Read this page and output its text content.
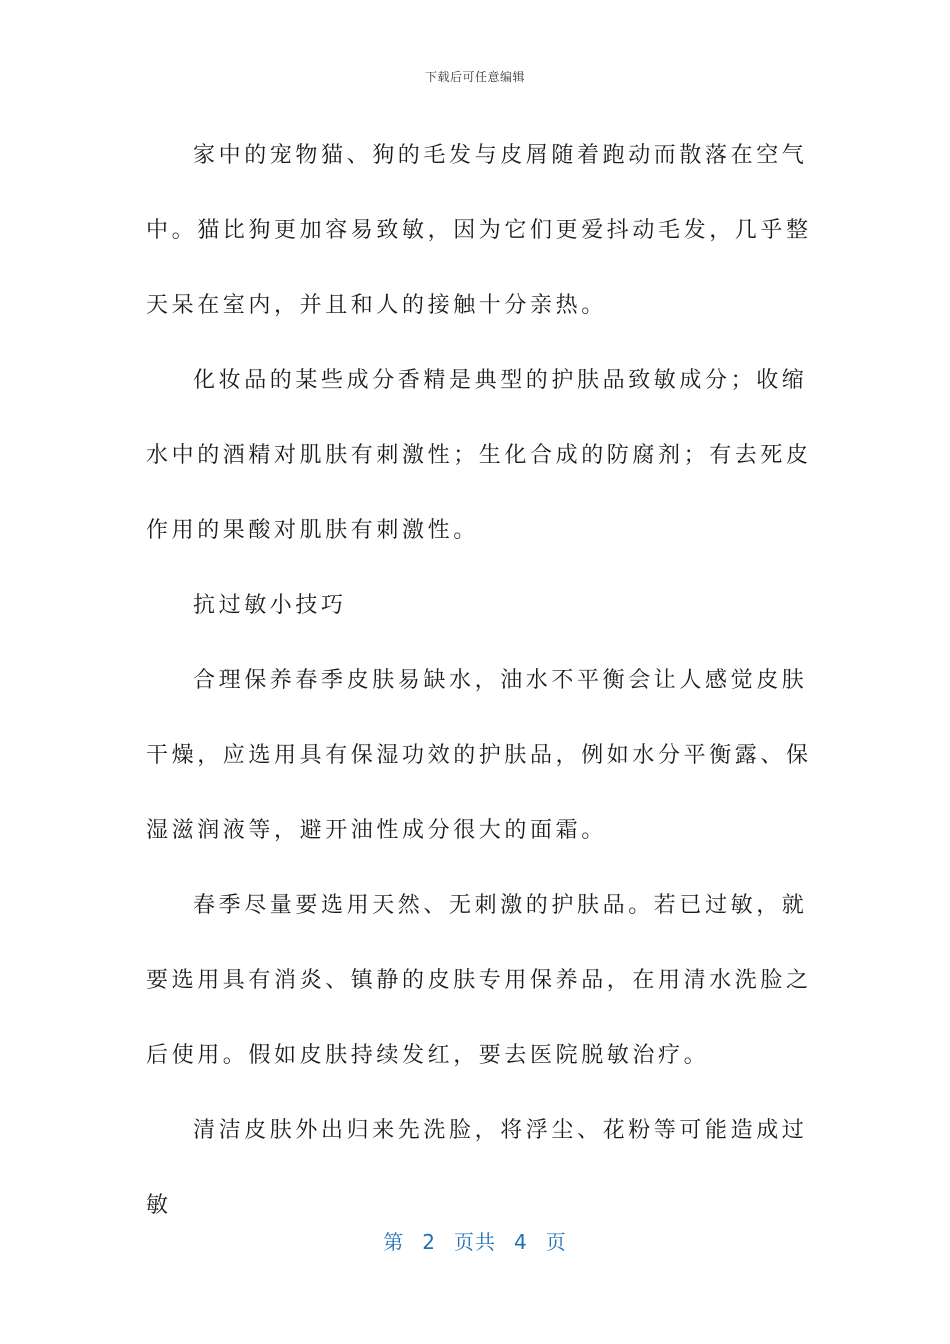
下载后可任意编辑

家中的宠物猫、狗的毛发与皮屑随着跑动而散落在空气中。猫比狗更加容易致敏，因为它们更爱抖动毛发，几乎整天呆在室内，并且和人的接触十分亲热。

化妆品的某些成分香精是典型的护肤品致敏成分；收缩水中的酒精对肌肤有刺激性；生化合成的防腐剂；有去死皮作用的果酸对肌肤有刺激性。

抗过敏小技巧

合理保养春季皮肤易缺水，油水不平衡会让人感觉皮肤干燥，应选用具有保湿功效的护肤品，例如水分平衡露、保湿滋润液等，避开油性成分很大的面霜。

春季尽量要选用天然、无刺激的护肤品。若已过敏，就要选用具有消炎、镇静的皮肤专用保养品，在用清水洗脸之后使用。假如皮肤持续发红，要去医院脱敏治疗。

清洁皮肤外出归来先洗脸，将浮尘、花粉等可能造成过敏

第 2 页共 4 页
